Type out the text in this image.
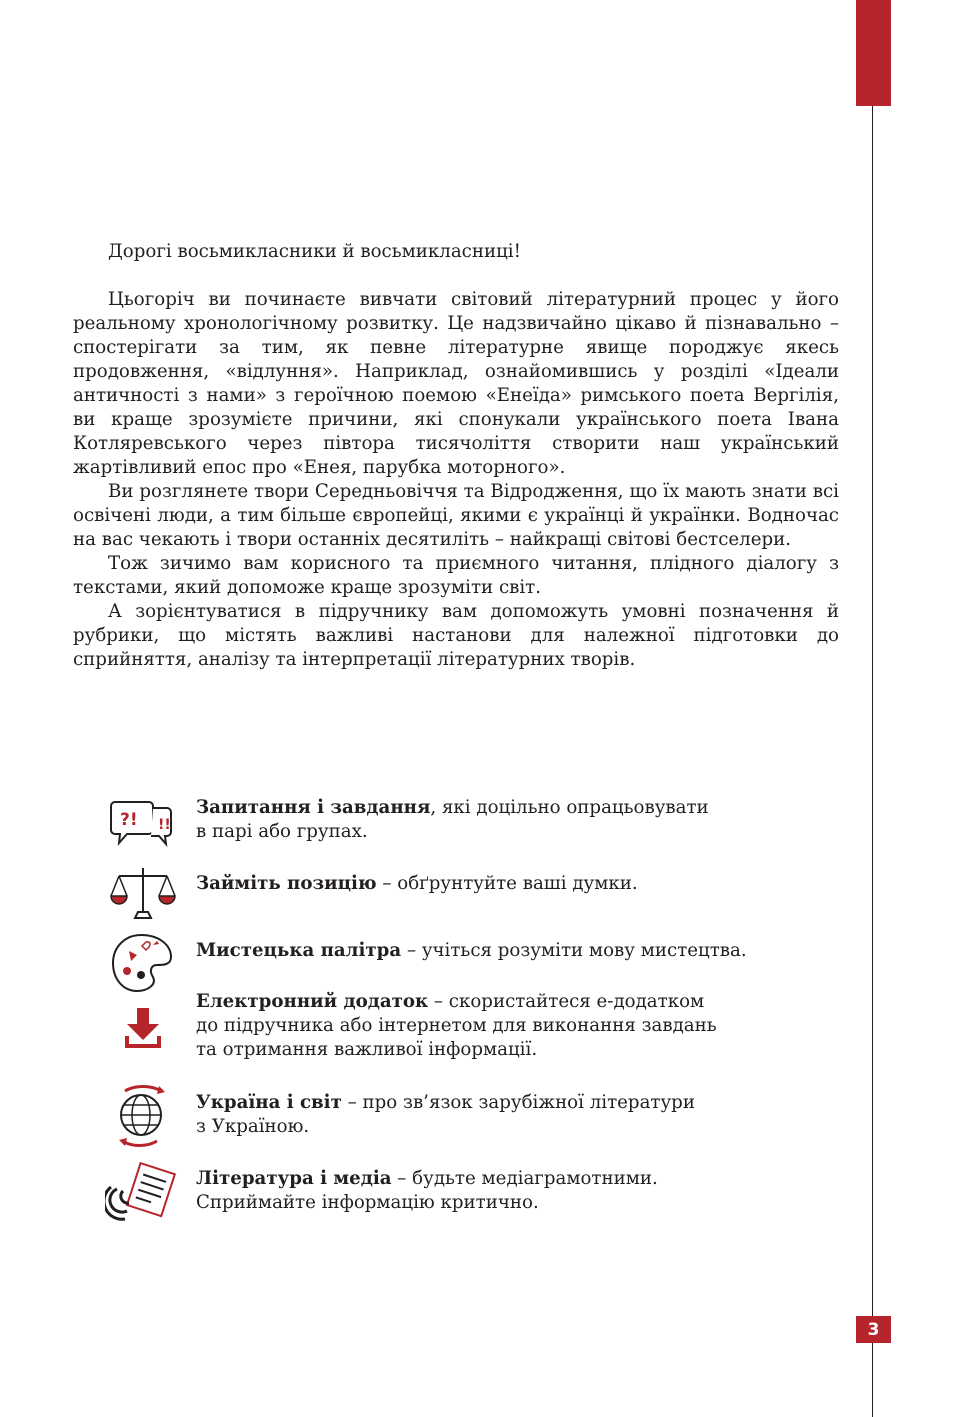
3

Дорогі восьмикласники й восьмикласниці!

Цьогоріч ви починаєте вивчати світовий літературний процес у його реальному хронологічному розвитку. Це надзвичайно цікаво й пізнавально – спостерігати за тим, як певне літературне явище породжує якесь продовження, «відлуння». Наприклад, ознайомившись у розділі «Ідеали античності з нами» з героїчною поемою «Енеїда» римського поета Вергілія, ви краще зрозумієте причини, які спонукали українського поета Івана Котляревського через півтора тисячоліття створити наш український жартівливий епос про «Енея, парубка моторного».

Ви розглянете твори Середньовіччя та Відродження, що їх мають знати всі освічені люди, а тим більше європейці, якими є українці й українки. Водночас на вас чекають і твори останніх десятиліть – найкращі світові бестселери.

Тож зичимо вам корисного та приємного читання, плідного діалогу з текстами, який допоможе краще зрозуміти світ.

А зорієнтуватися в підручнику вам допоможуть умовні позначення й рубрики, що містять важливі настанови для належної підготовки до сприйняття, аналізу та інтерпретації літературних творів.

?! !!
Запитання і завдання, які доцільно опрацьовувати
в парі або групах.
Займіть позицію – обґрунтуйте ваші думки.
Мистецька палітра – учіться розуміти мову мистецтва.
Електронний додаток – скористайтеся е-додатком
до підручника або інтернетом для виконання завдань
та отримання важливої інформації.
Україна і світ – про зв’язок зарубіжної літератури
з Україною.
Література і медіа – будьте медіаграмотними.
Сприймайте інформацію критично.
